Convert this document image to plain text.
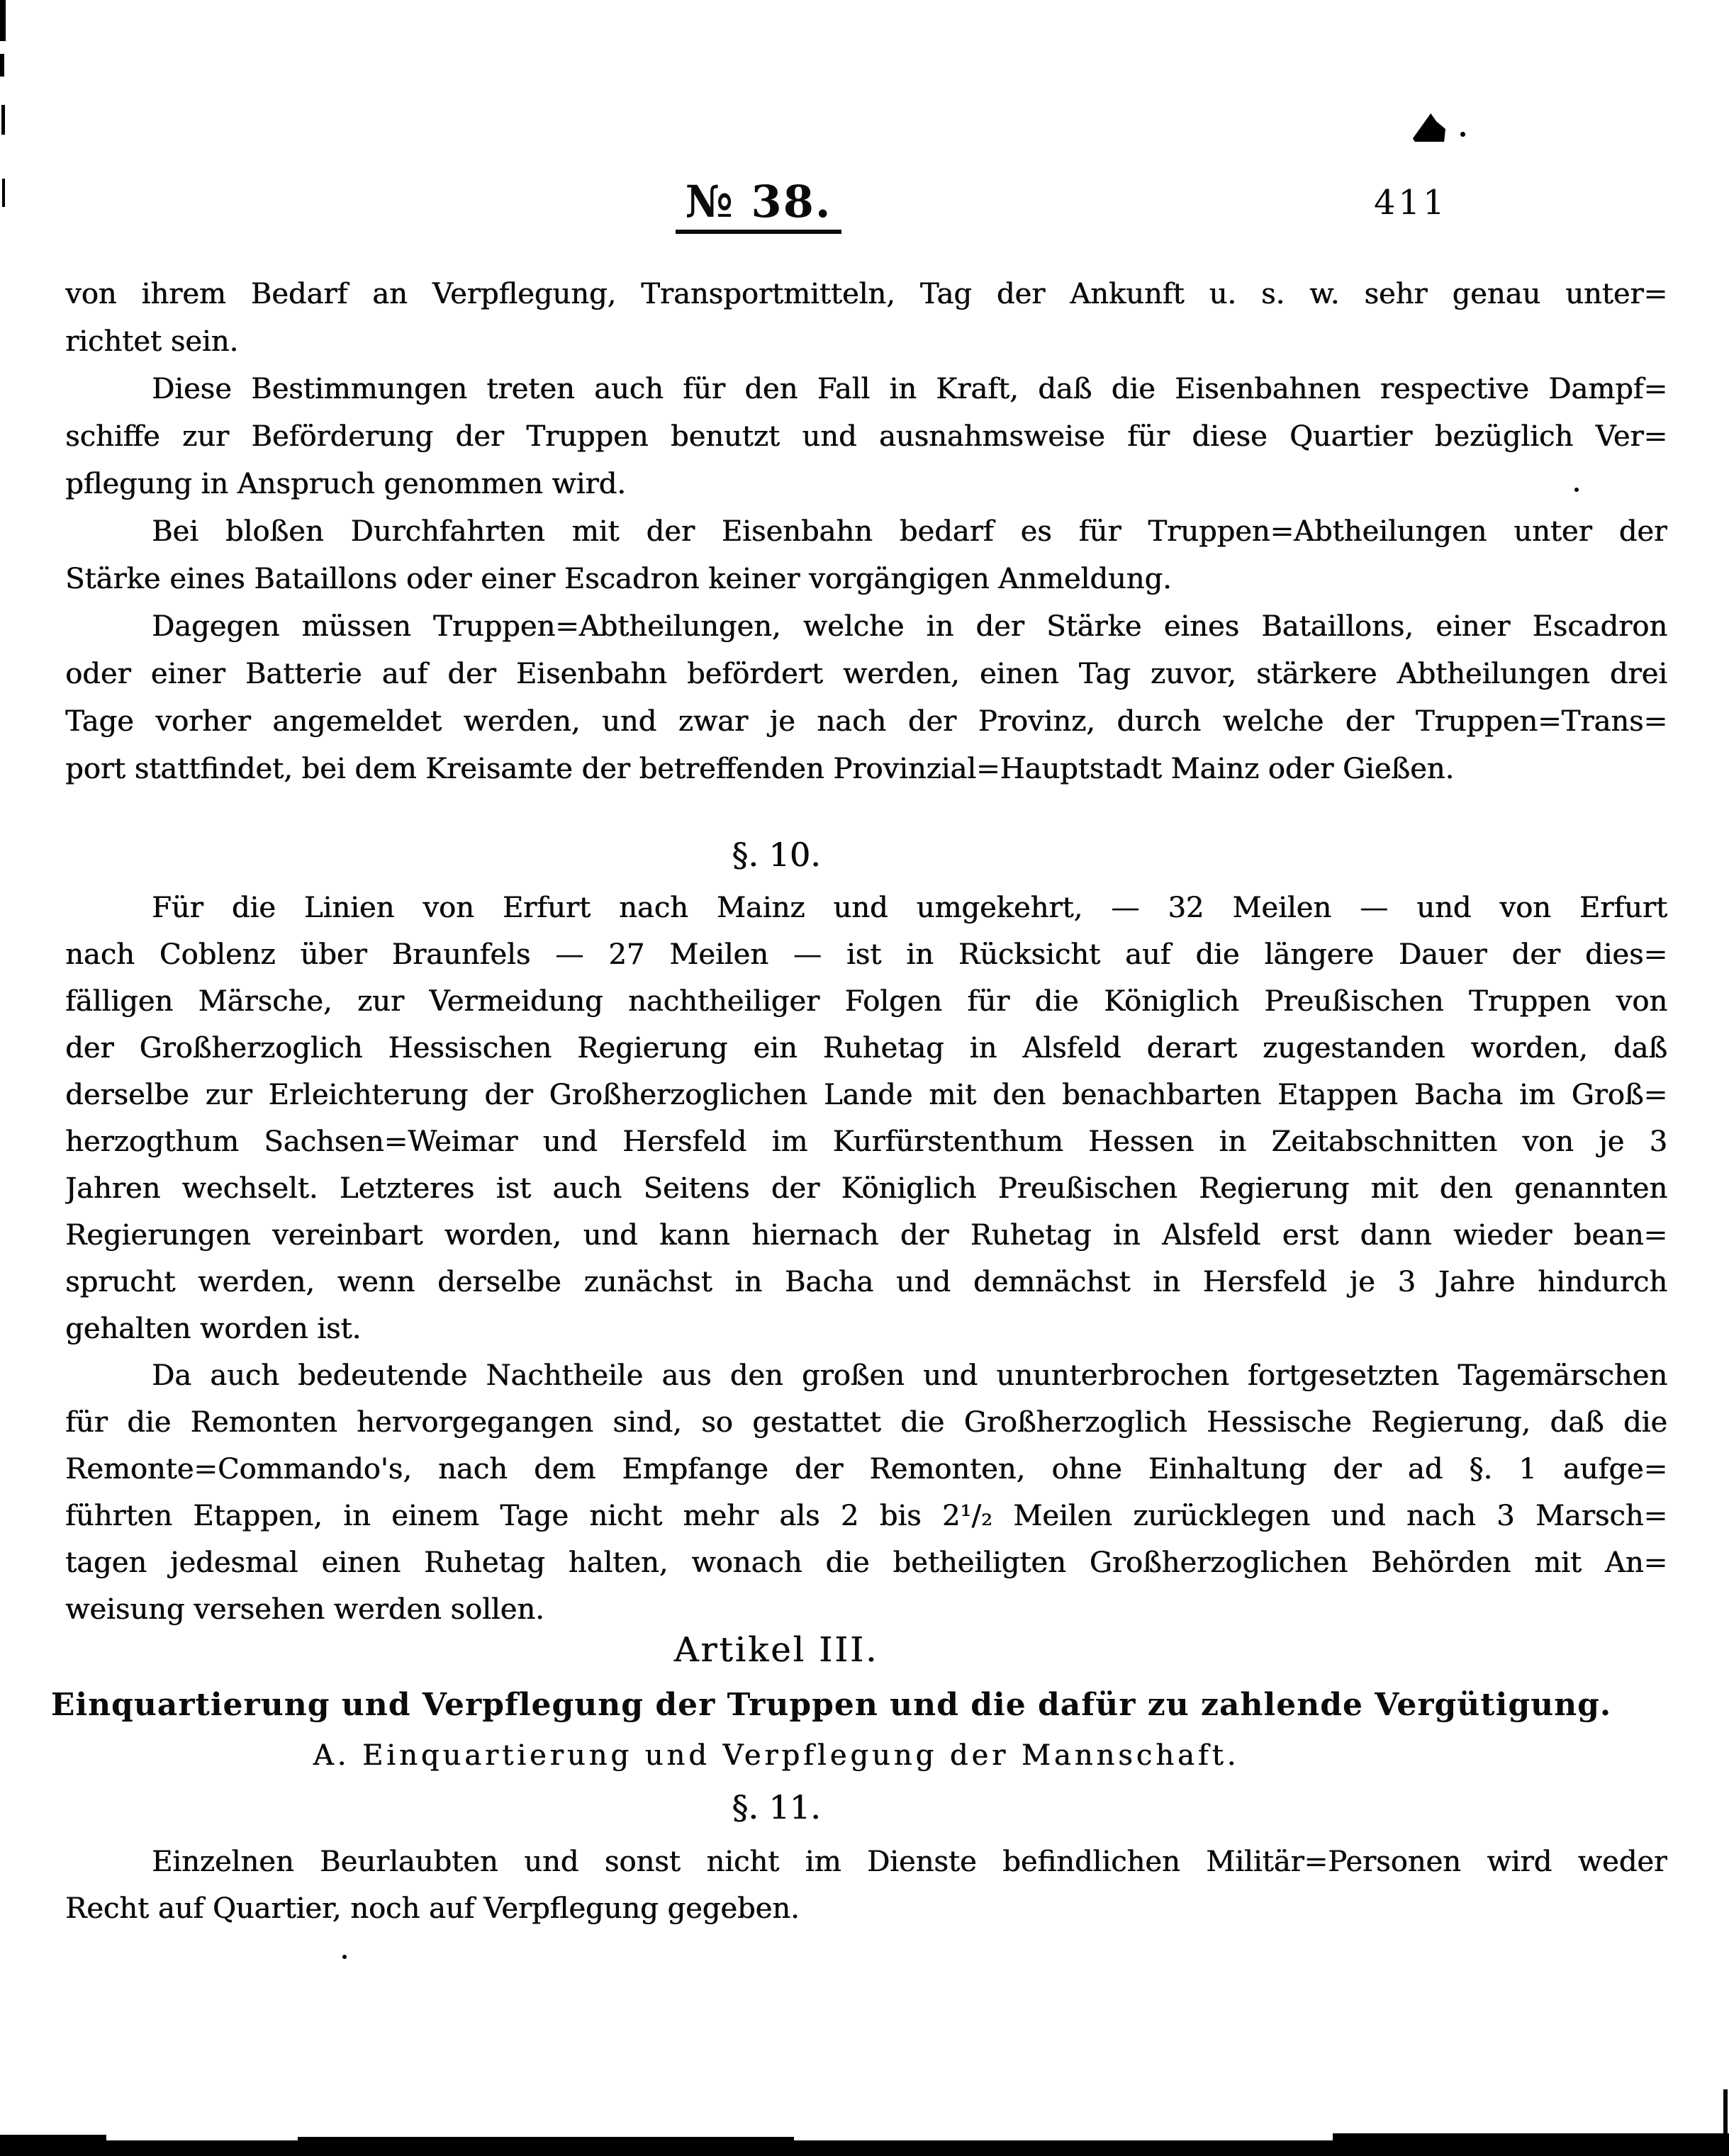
№ 38.	411
von ihrem Bedarf an Verpflegung, Transportmitteln, Tag der Ankunft u. s. w. sehr genau unter=
richtet sein.
Diese Bestimmungen treten auch für den Fall in Kraft, daß die Eisenbahnen respective Dampf=
schiffe zur Beförderung der Truppen benutzt und ausnahmsweise für diese Quartier bezüglich Ver=
pflegung in Anspruch genommen wird.
Bei bloßen Durchfahrten mit der Eisenbahn bedarf es für Truppen=Abtheilungen unter der
Stärke eines Bataillons oder einer Escadron keiner vorgängigen Anmeldung.
Dagegen müssen Truppen=Abtheilungen, welche in der Stärke eines Bataillons, einer Escadron
oder einer Batterie auf der Eisenbahn befördert werden, einen Tag zuvor, stärkere Abtheilungen drei
Tage vorher angemeldet werden, und zwar je nach der Provinz, durch welche der Truppen=Trans=
port stattfindet, bei dem Kreisamte der betreffenden Provinzial=Hauptstadt Mainz oder Gießen.
§. 10.
Für die Linien von Erfurt nach Mainz und umgekehrt, — 32 Meilen — und von Erfurt
nach Coblenz über Braunfels — 27 Meilen — ist in Rücksicht auf die längere Dauer der dies=
fälligen Märsche, zur Vermeidung nachtheiliger Folgen für die Königlich Preußischen Truppen von
der Großherzoglich Hessischen Regierung ein Ruhetag in Alsfeld derart zugestanden worden, daß
derselbe zur Erleichterung der Großherzoglichen Lande mit den benachbarten Etappen Bacha im Groß=
herzogthum Sachsen=Weimar und Hersfeld im Kurfürstenthum Hessen in Zeitabschnitten von je 3
Jahren wechselt. Letzteres ist auch Seitens der Königlich Preußischen Regierung mit den genannten
Regierungen vereinbart worden, und kann hiernach der Ruhetag in Alsfeld erst dann wieder bean=
sprucht werden, wenn derselbe zunächst in Bacha und demnächst in Hersfeld je 3 Jahre hindurch
gehalten worden ist.
Da auch bedeutende Nachtheile aus den großen und ununterbrochen fortgesetzten Tagemärschen
für die Remonten hervorgegangen sind, so gestattet die Großherzoglich Hessische Regierung, daß die
Remonte=Commando's, nach dem Empfange der Remonten, ohne Einhaltung der ad §. 1 aufge=
führten Etappen, in einem Tage nicht mehr als 2 bis 2¹/₂ Meilen zurücklegen und nach 3 Marsch=
tagen jedesmal einen Ruhetag halten, wonach die betheiligten Großherzoglichen Behörden mit An=
weisung versehen werden sollen.
Artikel III.
Einquartierung und Verpflegung der Truppen und die dafür zu zahlende Vergütigung.
A. Einquartierung und Verpflegung der Mannschaft.
§. 11.
Einzelnen Beurlaubten und sonst nicht im Dienste befindlichen Militär=Personen wird weder
Recht auf Quartier, noch auf Verpflegung gegeben.
